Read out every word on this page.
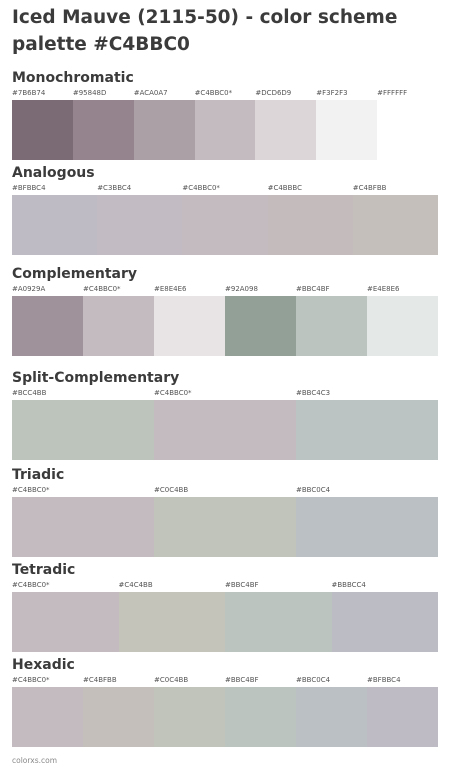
Iced Mauve (2115-50) - color scheme palette #C4BBC0
Monochromatic
#7B6B74	#95848D	#ACA0A7	#C4BBC0*	#DCD6D9	#F3F2F3	#FFFFFF
Analogous
#BFBBC4	#C3BBC4	#C4BBC0*	#C4BBBC	#C4BFBB
Complementary
#A0929A	#C4BBC0*	#E8E4E6	#92A098	#BBC4BF	#E4E8E6
Split-Complementary
#BCC4BB	#C4BBC0*	#BBC4C3
Triadic
#C4BBC0*	#C0C4BB	#BBC0C4
Tetradic
#C4BBC0*	#C4C4BB	#BBC4BF	#BBBCC4
Hexadic
#C4BBC0*	#C4BFBB	#C0C4BB	#BBC4BF	#BBC0C4	#BFBBC4
colorxs.com
